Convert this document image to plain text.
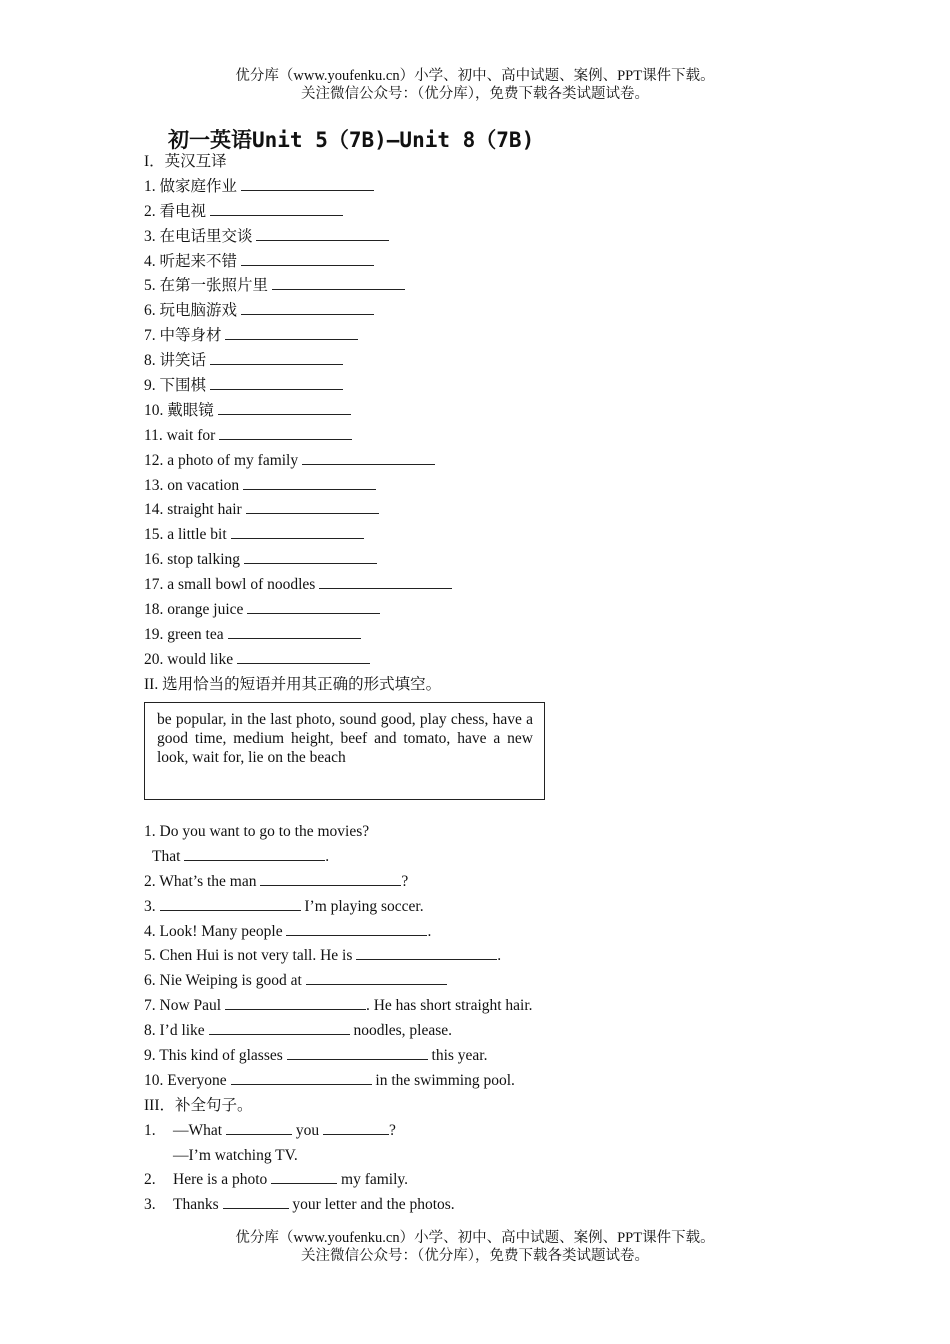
优分库（www.youfenku.cn）小学、初中、高中试题、案例、PPT课件下载。
关注微信公众号：（优分库），免费下载各类试题试卷。
初一英语Unit 5（7B)—Unit 8（7B)
I．英汉互译
1. 做家庭作业
2. 看电视
3. 在电话里交谈
4. 听起来不错
5. 在第一张照片里
6. 玩电脑游戏
7. 中等身材
8. 讲笑话
9. 下围棋
10. 戴眼镜
11. wait for
12. a photo of my family
13. on vacation
14. straight hair
15. a little bit
16. stop talking
17. a small bowl of noodles
18. orange juice
19. green tea
20. would like
II. 选用恰当的短语并用其正确的形式填空。
be popular, in the last photo, sound good, play chess, have a good time, medium height, beef and tomato, have a new look, wait for, lie on the beach
1. Do you want to go to the movies?
That	.
2. What’s the man	?
3.	I’m playing soccer.
4. Look! Many people	.
5. Chen Hui is not very tall. He is	.
6. Nie Weiping is good at
7. Now Paul	. He has short straight hair.
8. I’d like	noodles, please.
9. This kind of glasses	this year.
10. Everyone	in the swimming pool.
III．补全句子。
1. —What	you	?
—I’m watching TV.
2. Here is a photo	my family.
3. Thanks	your letter and the photos.
优分库（www.youfenku.cn）小学、初中、高中试题、案例、PPT课件下载。
关注微信公众号：（优分库），免费下载各类试题试卷。
